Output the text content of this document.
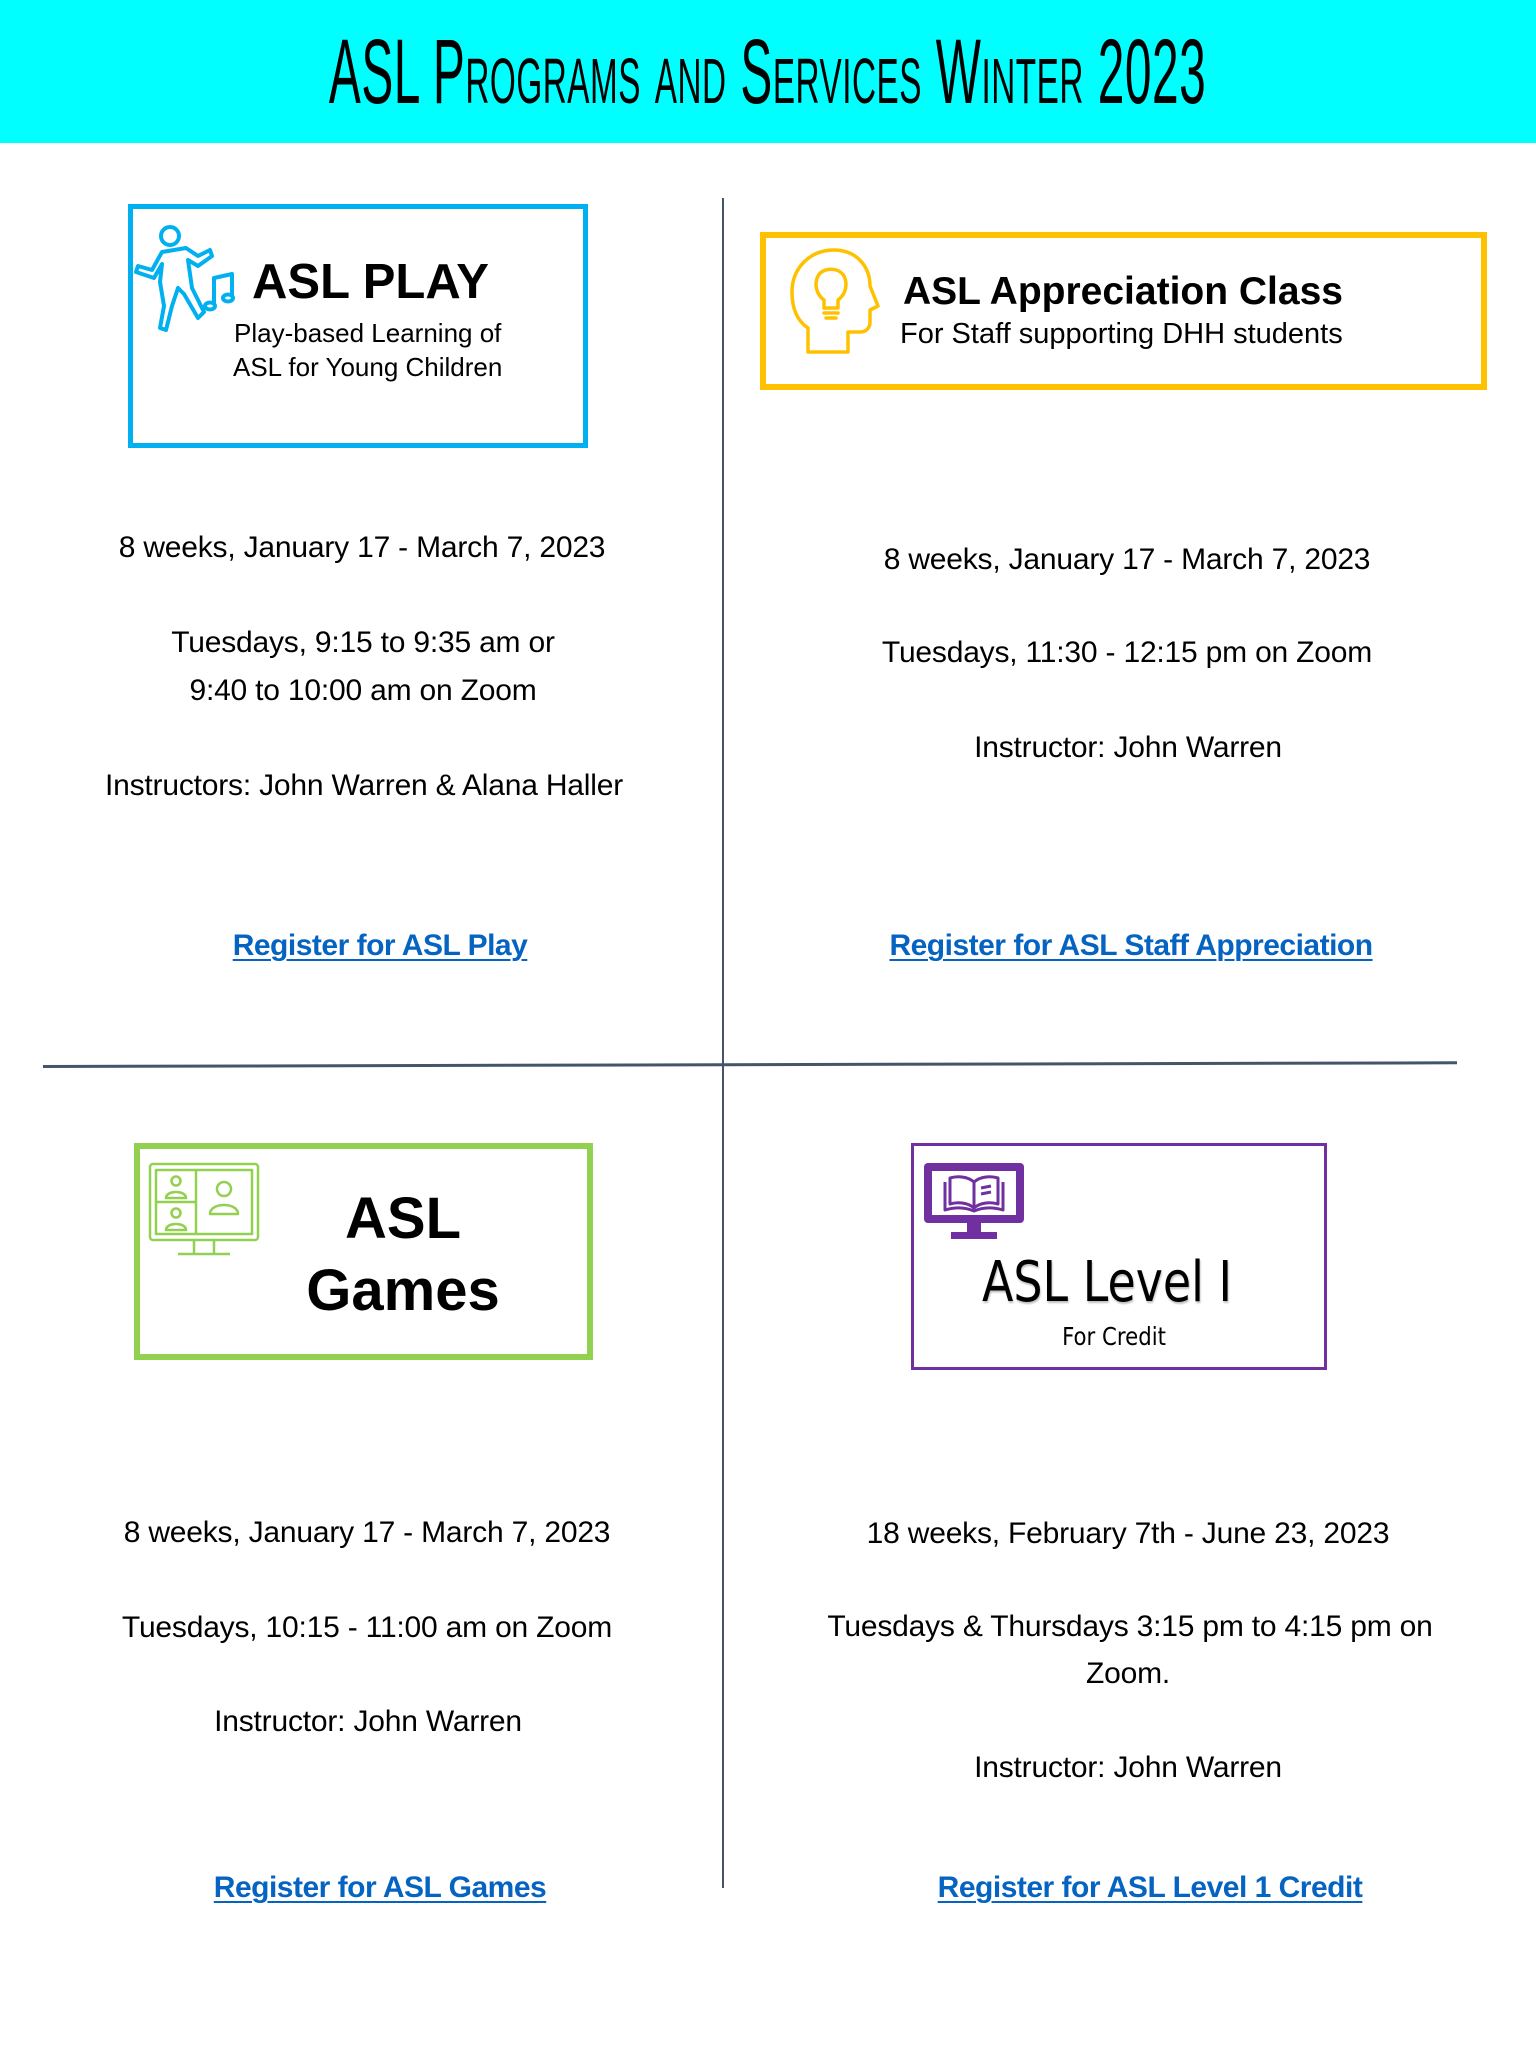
ASL Programs and Services Winter 2023
ASL PLAY
Play-based Learning of
ASL for Young Children
8 weeks, January 17 - March 7, 2023
Tuesdays, 9:15 to 9:35 am or
9:40 to 10:00 am on Zoom
Instructors: John Warren & Alana Haller
Register for ASL Play
ASL Appreciation Class
For Staff supporting DHH students
8 weeks, January 17 - March 7, 2023
Tuesdays, 11:30 - 12:15 pm on Zoom
Instructor: John Warren
Register for ASL Staff Appreciation
ASL
Games
8 weeks, January 17 - March 7, 2023
Tuesdays, 10:15 - 11:00 am on Zoom
Instructor: John Warren
Register for ASL Games
ASL Level I
For Credit
18 weeks, February 7th - June 23, 2023
Tuesdays & Thursdays 3:15 pm to 4:15 pm on
Zoom.
Instructor: John Warren
Register for ASL Level 1 Credit
